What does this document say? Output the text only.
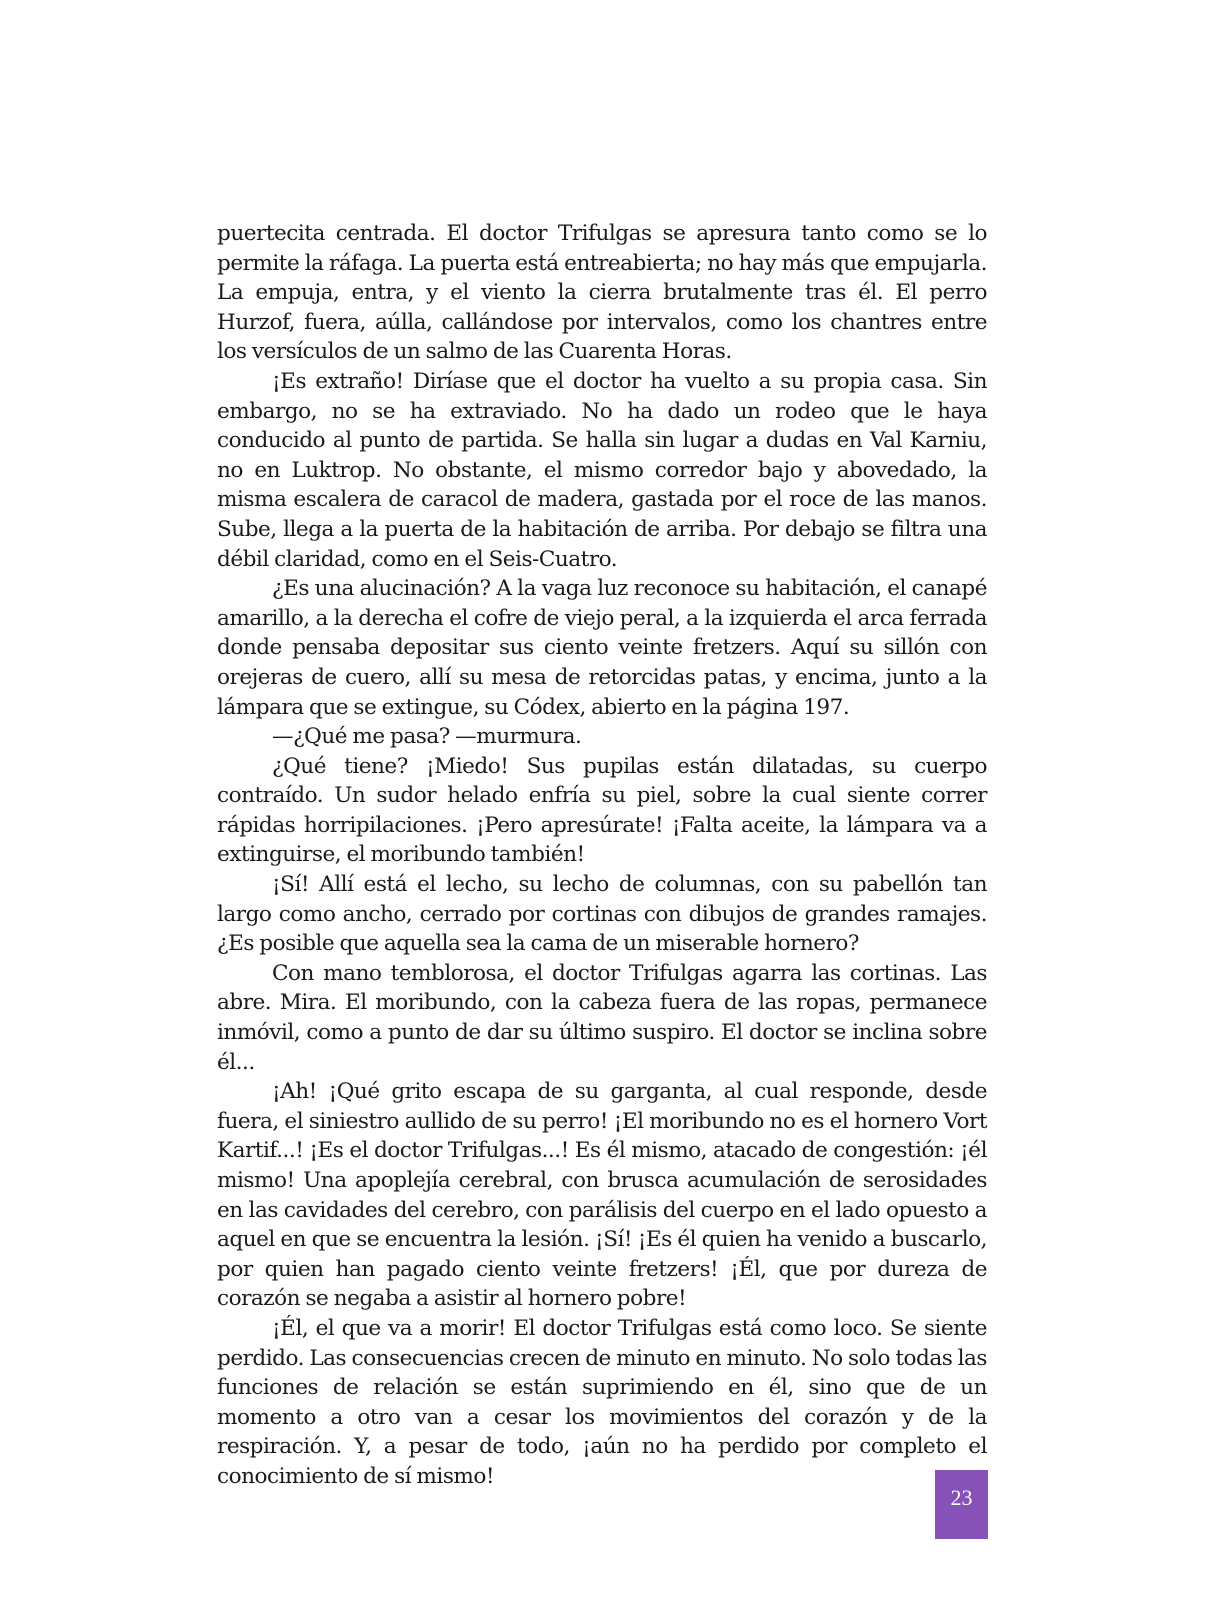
puertecita centrada. El doctor Trifulgas se apresura tanto como se lo permite la ráfaga. La puerta está entreabierta; no hay más que empujarla. La empuja, entra, y el viento la cierra brutalmente tras él. El perro Hurzof, fuera, aúlla, callándose por intervalos, como los chantres entre los versículos de un salmo de las Cuarenta Horas.

¡Es extraño! Diríase que el doctor ha vuelto a su propia casa. Sin embargo, no se ha extraviado. No ha dado un rodeo que le haya conducido al punto de partida. Se halla sin lugar a dudas en Val Karniu, no en Luktrop. No obstante, el mismo corredor bajo y abovedado, la misma escalera de caracol de madera, gastada por el roce de las manos. Sube, llega a la puerta de la habitación de arriba. Por debajo se filtra una débil claridad, como en el Seis-Cuatro.

¿Es una alucinación? A la vaga luz reconoce su habitación, el canapé amarillo, a la derecha el cofre de viejo peral, a la izquierda el arca ferrada donde pensaba depositar sus ciento veinte fretzers. Aquí su sillón con orejeras de cuero, allí su mesa de retorcidas patas, y encima, junto a la lámpara que se extingue, su Códex, abierto en la página 197.

—¿Qué me pasa? —murmura.

¿Qué tiene? ¡Miedo! Sus pupilas están dilatadas, su cuerpo contraído. Un sudor helado enfría su piel, sobre la cual siente correr rápidas horripilaciones. ¡Pero apresúrate! ¡Falta aceite, la lámpara va a extinguirse, el moribundo también!

¡Sí! Allí está el lecho, su lecho de columnas, con su pabellón tan largo como ancho, cerrado por cortinas con dibujos de grandes ramajes. ¿Es posible que aquella sea la cama de un miserable hornero?

Con mano temblorosa, el doctor Trifulgas agarra las cortinas. Las abre. Mira. El moribundo, con la cabeza fuera de las ropas, permanece inmóvil, como a punto de dar su último suspiro. El doctor se inclina sobre él...

¡Ah! ¡Qué grito escapa de su garganta, al cual responde, desde fuera, el siniestro aullido de su perro! ¡El moribundo no es el hornero Vort Kartif...! ¡Es el doctor Trifulgas...! Es él mismo, atacado de congestión: ¡él mismo! Una apoplejía cerebral, con brusca acumulación de serosidades en las cavidades del cerebro, con parálisis del cuerpo en el lado opuesto a aquel en que se encuentra la lesión. ¡Sí! ¡Es él quien ha venido a buscarlo, por quien han pagado ciento veinte fretzers! ¡Él, que por dureza de corazón se negaba a asistir al hornero pobre!

¡Él, el que va a morir! El doctor Trifulgas está como loco. Se siente perdido. Las consecuencias crecen de minuto en minuto. No solo todas las funciones de relación se están suprimiendo en él, sino que de un momento a otro van a cesar los movimientos del corazón y de la respiración. Y, a pesar de todo, ¡aún no ha perdido por completo el conocimiento de sí mismo!

23
